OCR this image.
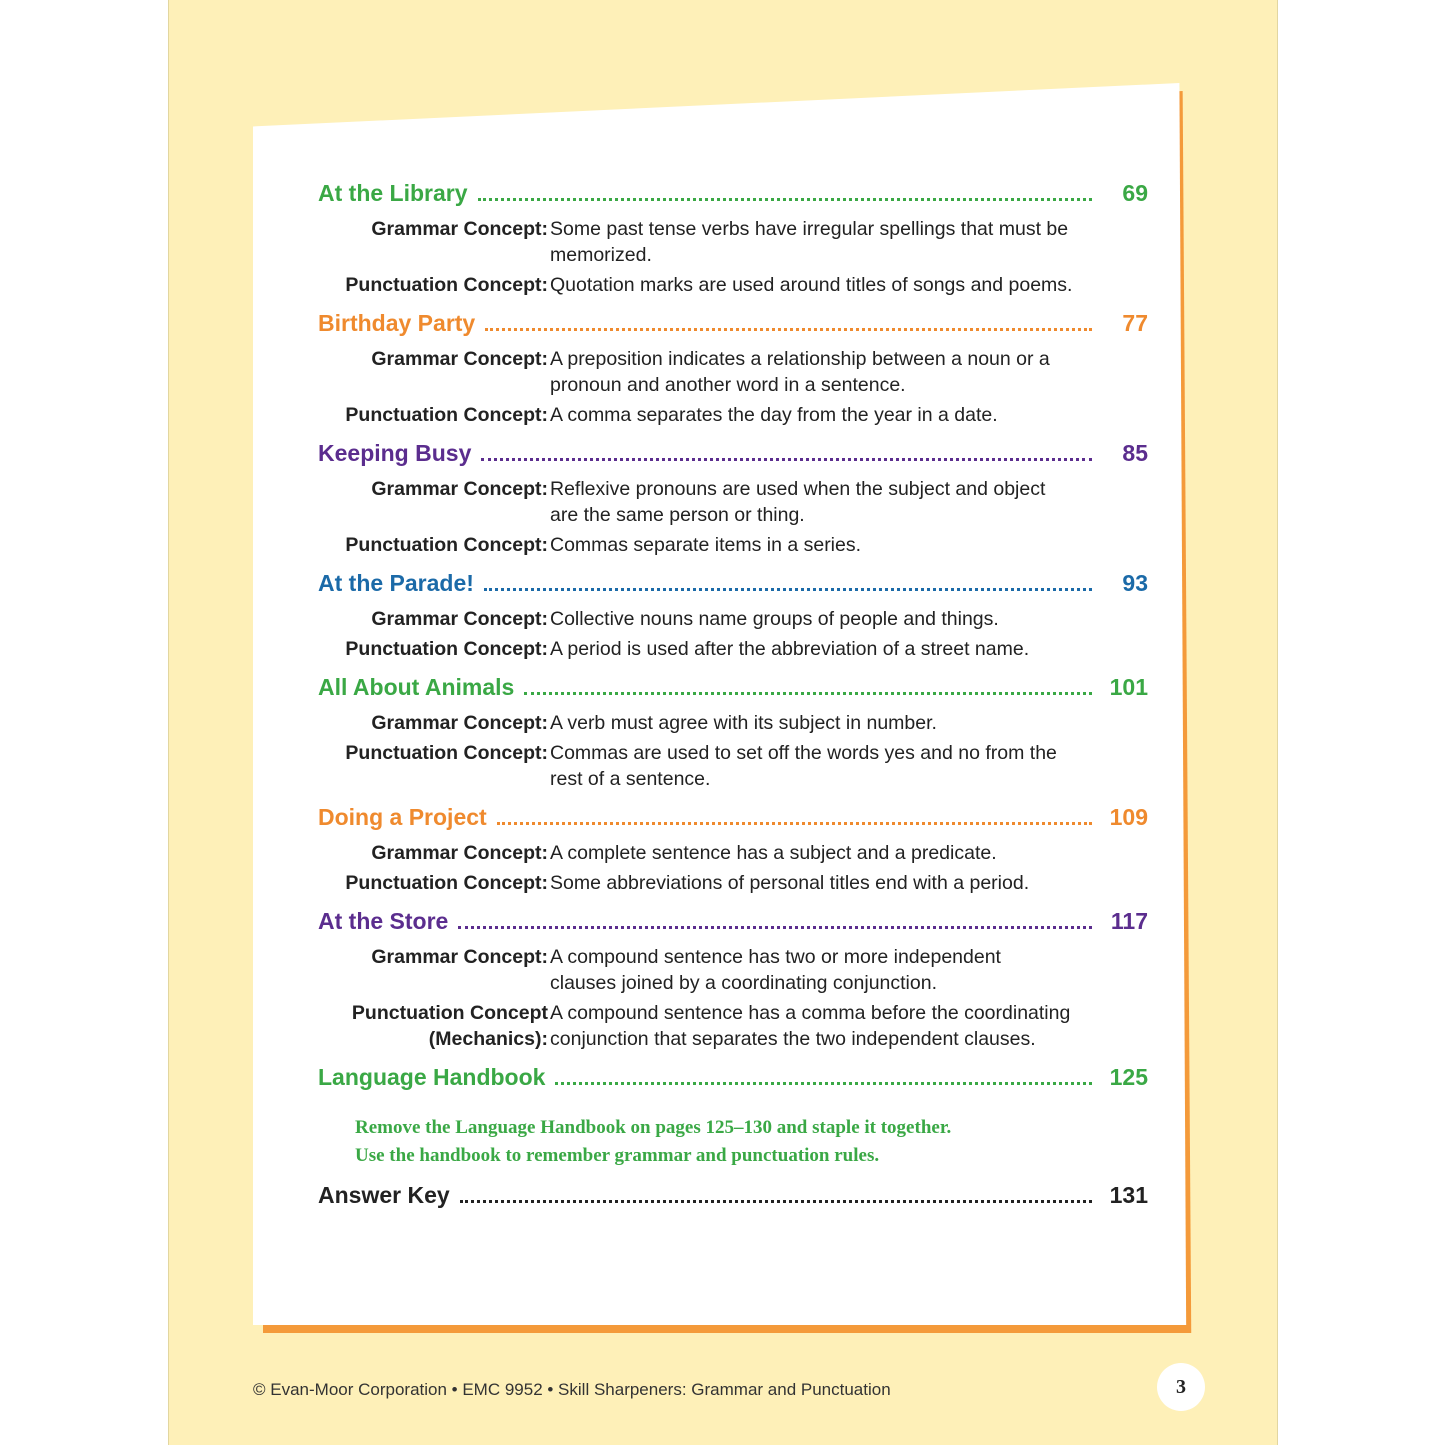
At the Library	69
Grammar Concept: Some past tense verbs have irregular spellings that must be memorized.
Punctuation Concept: Quotation marks are used around titles of songs and poems.
Birthday Party	77
Grammar Concept: A preposition indicates a relationship between a noun or a pronoun and another word in a sentence.
Punctuation Concept: A comma separates the day from the year in a date.
Keeping Busy	85
Grammar Concept: Reflexive pronouns are used when the subject and object are the same person or thing.
Punctuation Concept: Commas separate items in a series.
At the Parade!	93
Grammar Concept: Collective nouns name groups of people and things.
Punctuation Concept: A period is used after the abbreviation of a street name.
All About Animals	101
Grammar Concept: A verb must agree with its subject in number.
Punctuation Concept: Commas are used to set off the words yes and no from the rest of a sentence.
Doing a Project	109
Grammar Concept: A complete sentence has a subject and a predicate.
Punctuation Concept: Some abbreviations of personal titles end with a period.
At the Store	117
Grammar Concept: A compound sentence has two or more independent clauses joined by a coordinating conjunction.
Punctuation Concept (Mechanics):
A compound sentence has a comma before the coordinating conjunction that separates the two independent clauses.
Language Handbook	125
Remove the Language Handbook on pages 125–130 and staple it together.
Use the handbook to remember grammar and punctuation rules.
Answer Key	131
© Evan-Moor Corporation • EMC 9952 • Skill Sharpeners: Grammar and Punctuation	3
